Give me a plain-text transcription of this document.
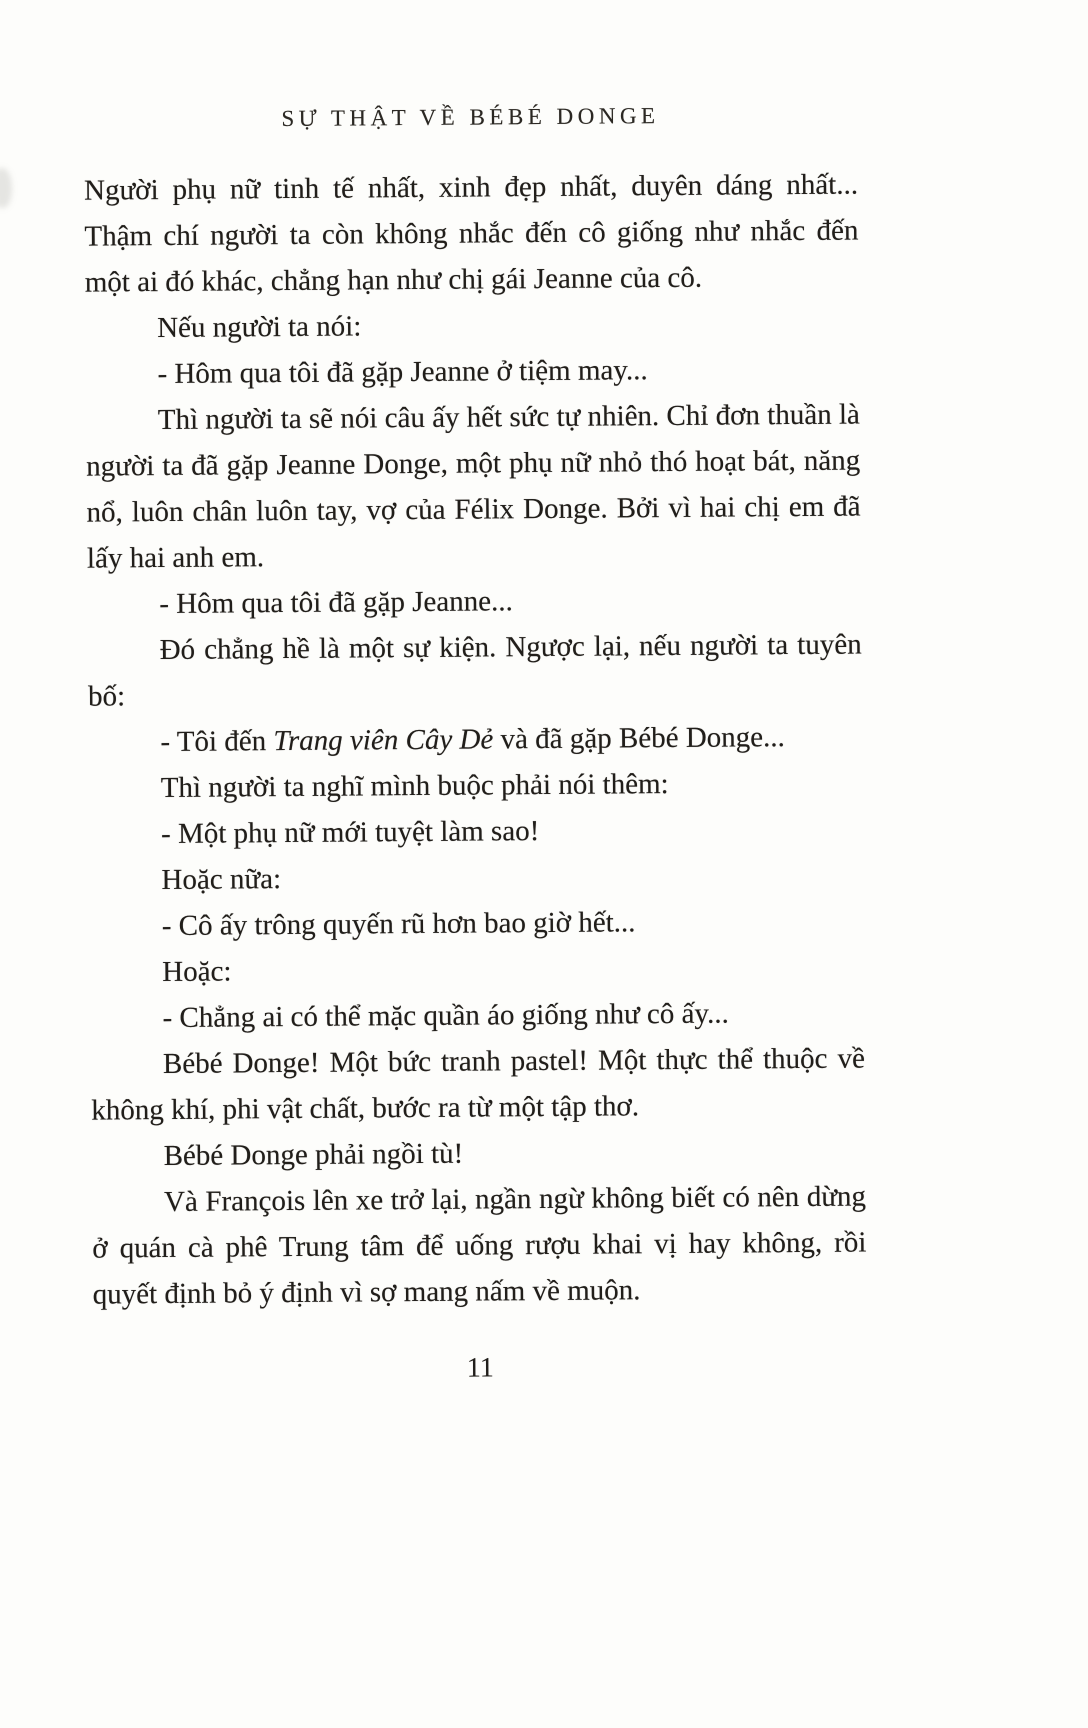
SỰ THẬT VỀ BÉBÉ DONGE

Người phụ nữ tinh tế nhất, xinh đẹp nhất, duyên dáng nhất... Thậm chí người ta còn không nhắc đến cô giống như nhắc đến một ai đó khác, chẳng hạn như chị gái Jeanne của cô.

Nếu người ta nói:

- Hôm qua tôi đã gặp Jeanne ở tiệm may...

Thì người ta sẽ nói câu ấy hết sức tự nhiên. Chỉ đơn thuần là người ta đã gặp Jeanne Donge, một phụ nữ nhỏ thó hoạt bát, năng nổ, luôn chân luôn tay, vợ của Félix Donge. Bởi vì hai chị em đã lấy hai anh em.

- Hôm qua tôi đã gặp Jeanne...

Đó chẳng hề là một sự kiện. Ngược lại, nếu người ta tuyên bố:

- Tôi đến Trang viên Cây Dẻ và đã gặp Bébé Donge...

Thì người ta nghĩ mình buộc phải nói thêm:

- Một phụ nữ mới tuyệt làm sao!

Hoặc nữa:

- Cô ấy trông quyến rũ hơn bao giờ hết...

Hoặc:

- Chẳng ai có thể mặc quần áo giống như cô ấy...

Bébé Donge! Một bức tranh pastel! Một thực thể thuộc về không khí, phi vật chất, bước ra từ một tập thơ.

Bébé Donge phải ngồi tù!

Và François lên xe trở lại, ngần ngừ không biết có nên dừng ở quán cà phê Trung tâm để uống rượu khai vị hay không, rồi quyết định bỏ ý định vì sợ mang nấm về muộn.

11
